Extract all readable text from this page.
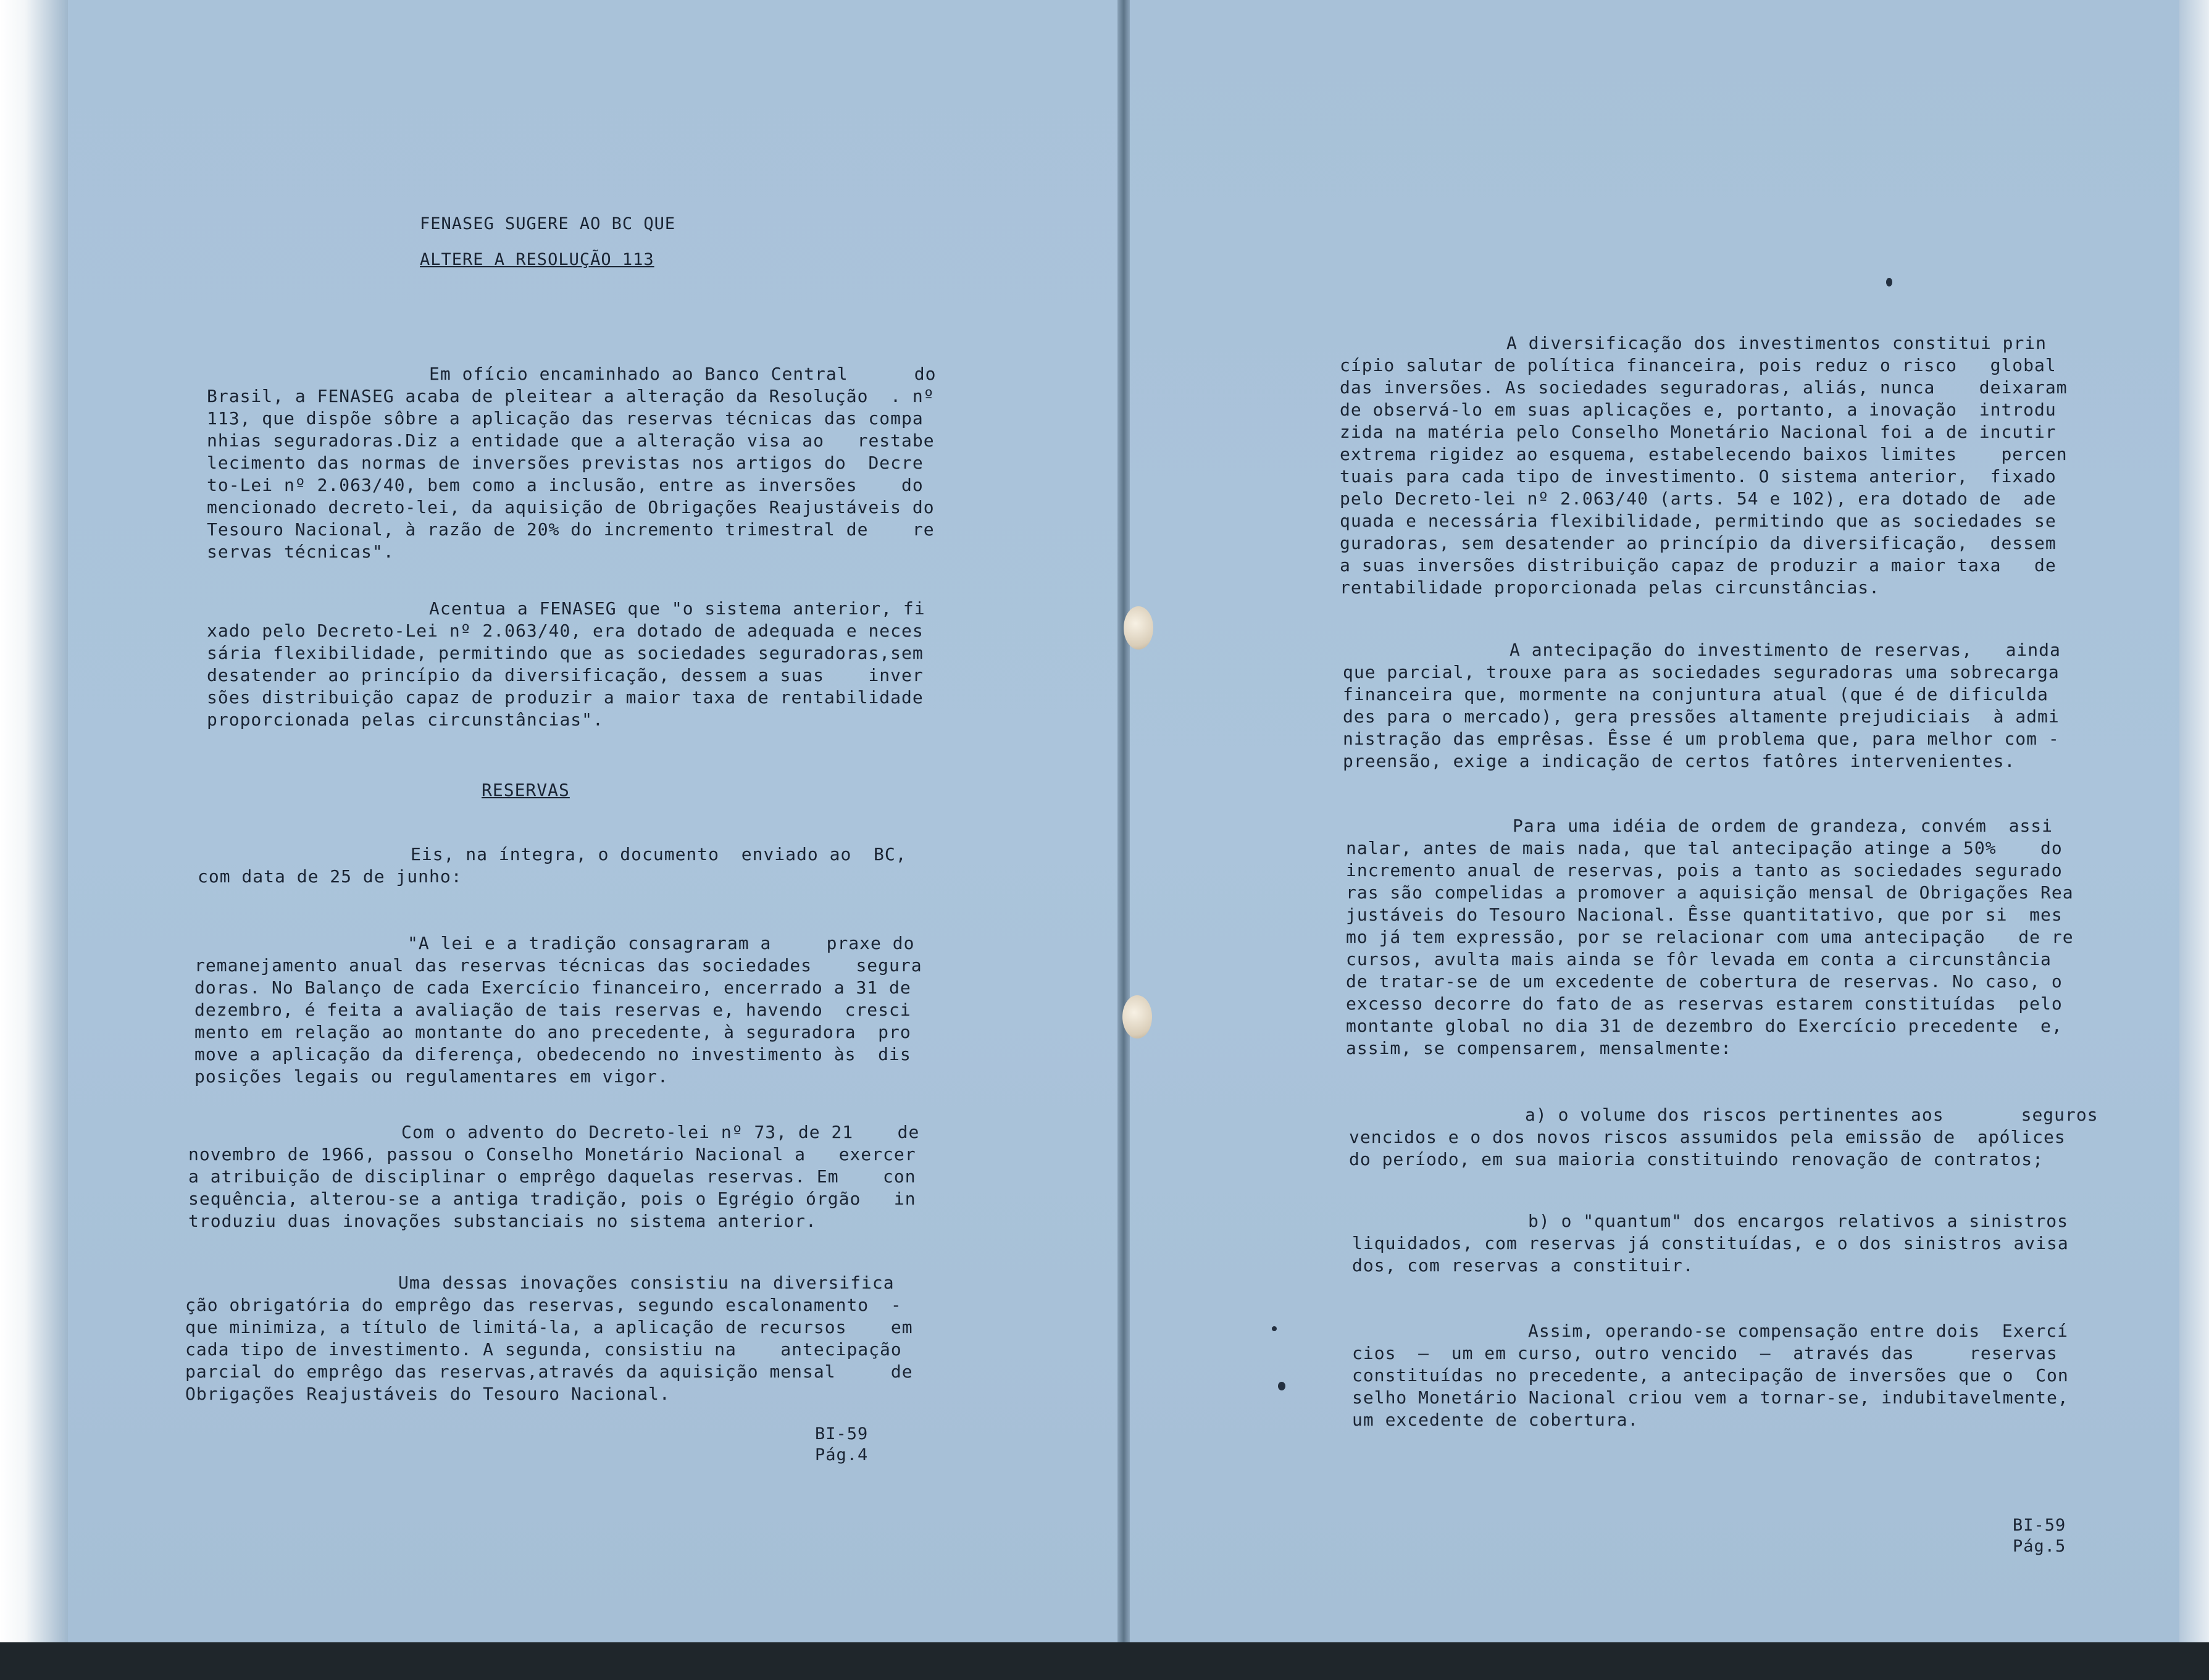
FENASEG SUGERE AO BC QUE
ALTERE A RESOLUÇÃO 113
Em ofício encaminhado ao Banco Central      do
Brasil, a FENASEG acaba de pleitear a alteração da Resolução  . nº
113, que dispõe sôbre a aplicação das reservas técnicas das compa
nhias seguradoras.Diz a entidade que a alteração visa ao   restabe
lecimento das normas de inversões previstas nos artigos do  Decre
to-Lei nº 2.063/40, bem como a inclusão, entre as inversões    do
mencionado decreto-lei, da aquisição de Obrigações Reajustáveis do
Tesouro Nacional, à razão de 20% do incremento trimestral de    re
servas técnicas".
Acentua a FENASEG que "o sistema anterior, fi
xado pelo Decreto-Lei nº 2.063/40, era dotado de adequada e neces
sária flexibilidade, permitindo que as sociedades seguradoras,sem
desatender ao princípio da diversificação, dessem a suas    inver
sões distribuição capaz de produzir a maior taxa de rentabilidade
proporcionada pelas circunstâncias".
RESERVAS
Eis, na íntegra, o documento  enviado ao  BC,
com data de 25 de junho:
"A lei e a tradição consagraram a     praxe do
remanejamento anual das reservas técnicas das sociedades    segura
doras. No Balanço de cada Exercício financeiro, encerrado a 31 de
dezembro, é feita a avaliação de tais reservas e, havendo  cresci
mento em relação ao montante do ano precedente, à seguradora  pro
move a aplicação da diferença, obedecendo no investimento às  dis
posições legais ou regulamentares em vigor.
Com o advento do Decreto-lei nº 73, de 21    de
novembro de 1966, passou o Conselho Monetário Nacional a   exercer
a atribuição de disciplinar o emprêgo daquelas reservas. Em    con
sequência, alterou-se a antiga tradição, pois o Egrégio órgão   in
troduziu duas inovações substanciais no sistema anterior.
Uma dessas inovações consistiu na diversifica
ção obrigatória do emprêgo das reservas, segundo escalonamento  -
que minimiza, a título de limitá-la, a aplicação de recursos    em
cada tipo de investimento. A segunda, consistiu na    antecipação
parcial do emprêgo das reservas,através da aquisição mensal     de
Obrigações Reajustáveis do Tesouro Nacional.
BI-59
Pág.4
A diversificação dos investimentos constitui prin
cípio salutar de política financeira, pois reduz o risco   global
das inversões. As sociedades seguradoras, aliás, nunca    deixaram
de observá-lo em suas aplicações e, portanto, a inovação  introdu
zida na matéria pelo Conselho Monetário Nacional foi a de incutir
extrema rigidez ao esquema, estabelecendo baixos limites    percen
tuais para cada tipo de investimento. O sistema anterior,  fixado
pelo Decreto-lei nº 2.063/40 (arts. 54 e 102), era dotado de  ade
quada e necessária flexibilidade, permitindo que as sociedades se
guradoras, sem desatender ao princípio da diversificação,  dessem
a suas inversões distribuição capaz de produzir a maior taxa   de
rentabilidade proporcionada pelas circunstâncias.
A antecipação do investimento de reservas,   ainda
que parcial, trouxe para as sociedades seguradoras uma sobrecarga
financeira que, mormente na conjuntura atual (que é de dificulda
des para o mercado), gera pressões altamente prejudiciais  à admi
nistração das emprêsas. Êsse é um problema que, para melhor com -
preensão, exige a indicação de certos fatôres intervenientes.
Para uma idéia de ordem de grandeza, convém  assi
nalar, antes de mais nada, que tal antecipação atinge a 50%    do
incremento anual de reservas, pois a tanto as sociedades segurado
ras são compelidas a promover a aquisição mensal de Obrigações Rea
justáveis do Tesouro Nacional. Êsse quantitativo, que por si  mes
mo já tem expressão, por se relacionar com uma antecipação   de re
cursos, avulta mais ainda se fôr levada em conta a circunstância
de tratar-se de um excedente de cobertura de reservas. No caso, o
excesso decorre do fato de as reservas estarem constituídas  pelo
montante global no dia 31 de dezembro do Exercício precedente  e,
assim, se compensarem, mensalmente:
a) o volume dos riscos pertinentes aos       seguros
vencidos e o dos novos riscos assumidos pela emissão de  apólices
do período, em sua maioria constituindo renovação de contratos;
b) o "quantum" dos encargos relativos a sinistros
liquidados, com reservas já constituídas, e o dos sinistros avisa
dos, com reservas a constituir.
Assim, operando-se compensação entre dois  Exercí
cios  —  um em curso, outro vencido  —  através das     reservas
constituídas no precedente, a antecipação de inversões que o  Con
selho Monetário Nacional criou vem a tornar-se, indubitavelmente,
um excedente de cobertura.
BI-59
Pág.5
